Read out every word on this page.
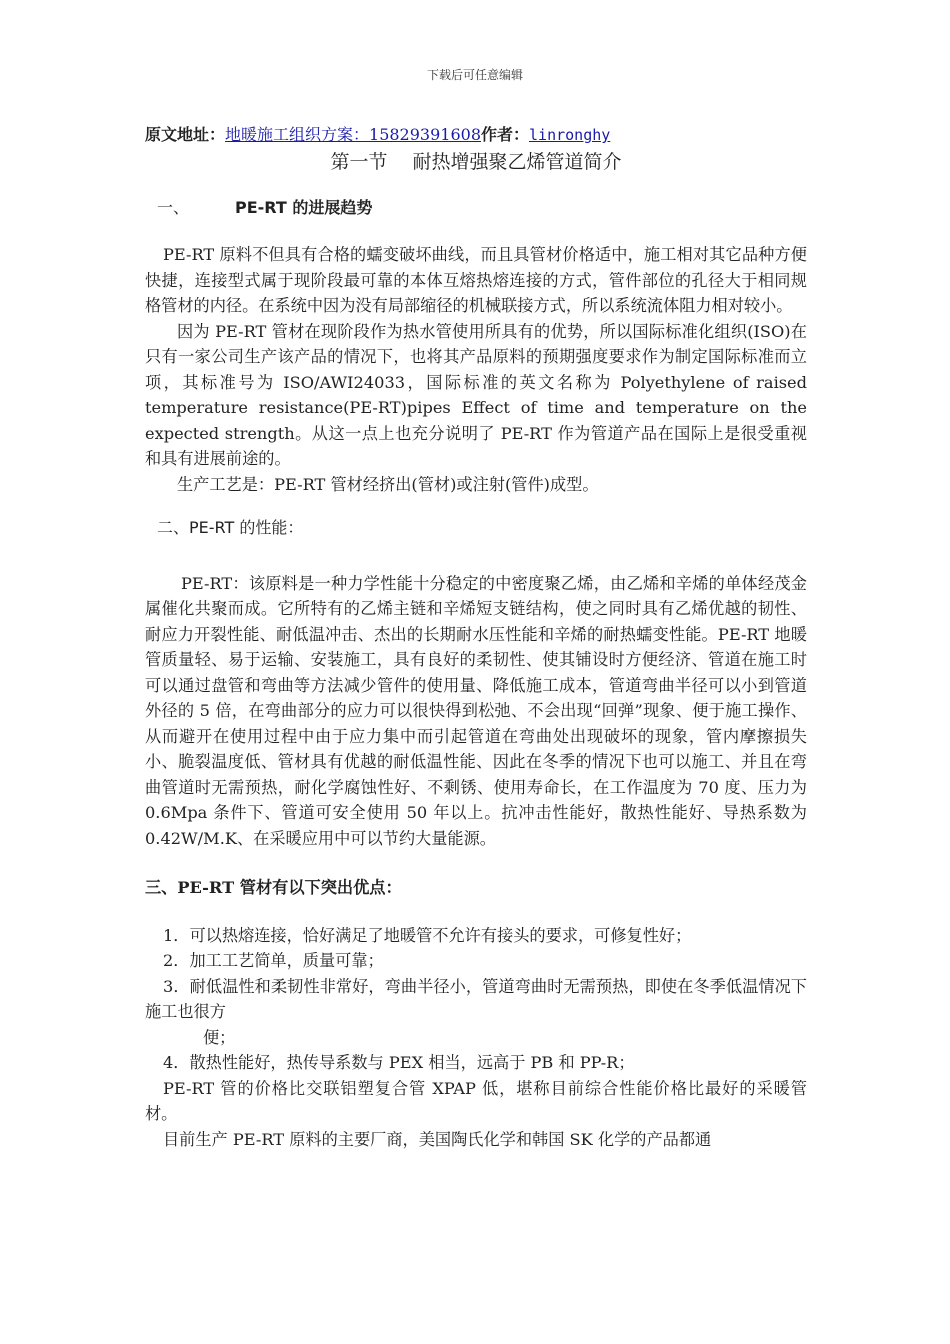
下载后可任意编辑

原文地址：地暖施工组织方案：15829391608作者：linronghy

第一节　 耐热增强聚乙烯管道简介

一、	PE-RT 的进展趋势

PE-RT 原料不但具有合格的蠕变破坏曲线，而且具管材价格适中，施工相对其它品种方便快捷，连接型式属于现阶段最可靠的本体互熔热熔连接的方式，管件部位的孔径大于相同规格管材的内径。在系统中因为没有局部缩径的机械联接方式，所以系统流体阻力相对较小。

因为 PE-RT 管材在现阶段作为热水管使用所具有的优势，所以国际标准化组织(ISO)在只有一家公司生产该产品的情况下，也将其产品原料的预期强度要求作为制定国际标准而立项，其标准号为 ISO/AWI24033，国际标准的英文名称为 Polyethylene of raised temperature resistance(PE-RT)pipes Effect of time and temperature on the expected strength。从这一点上也充分说明了 PE-RT 作为管道产品在国际上是很受重视和具有进展前途的。

生产工艺是：PE-RT 管材经挤出(管材)或注射(管件)成型。

二、PE-RT 的性能：

PE-RT：该原料是一种力学性能十分稳定的中密度聚乙烯，由乙烯和辛烯的单体经茂金属催化共聚而成。它所特有的乙烯主链和辛烯短支链结构，使之同时具有乙烯优越的韧性、耐应力开裂性能、耐低温冲击、杰出的长期耐水压性能和辛烯的耐热蠕变性能。PE-RT 地暖管质量轻、易于运输、安装施工，具有良好的柔韧性、使其铺设时方便经济、管道在施工时可以通过盘管和弯曲等方法减少管件的使用量、降低施工成本，管道弯曲半径可以小到管道外径的 5 倍，在弯曲部分的应力可以很快得到松弛、不会出现“回弹”现象、便于施工操作、从而避开在使用过程中由于应力集中而引起管道在弯曲处出现破坏的现象，管内摩擦损失小、脆裂温度低、管材具有优越的耐低温性能、因此在冬季的情况下也可以施工、并且在弯曲管道时无需预热，耐化学腐蚀性好、不剩锈、使用寿命长，在工作温度为 70 度、压力为 0.6Mpa 条件下、管道可安全使用 50 年以上。抗冲击性能好，散热性能好、导热系数为 0.42W/M.K、在采暖应用中可以节约大量能源。

三、PE-RT 管材有以下突出优点：

1．可以热熔连接，恰好满足了地暖管不允许有接头的要求，可修复性好；

2．加工工艺简单，质量可靠；

3．耐低温性和柔韧性非常好，弯曲半径小，管道弯曲时无需预热，即使在冬季低温情况下施工也很方

便；

4．散热性能好，热传导系数与 PEX 相当，远高于 PB 和 PP-R；

PE-RT 管的价格比交联铝塑复合管 XPAP 低，堪称目前综合性能价格比最好的采暖管材。

目前生产 PE-RT 原料的主要厂商，美国陶氏化学和韩国 SK 化学的产品都通
